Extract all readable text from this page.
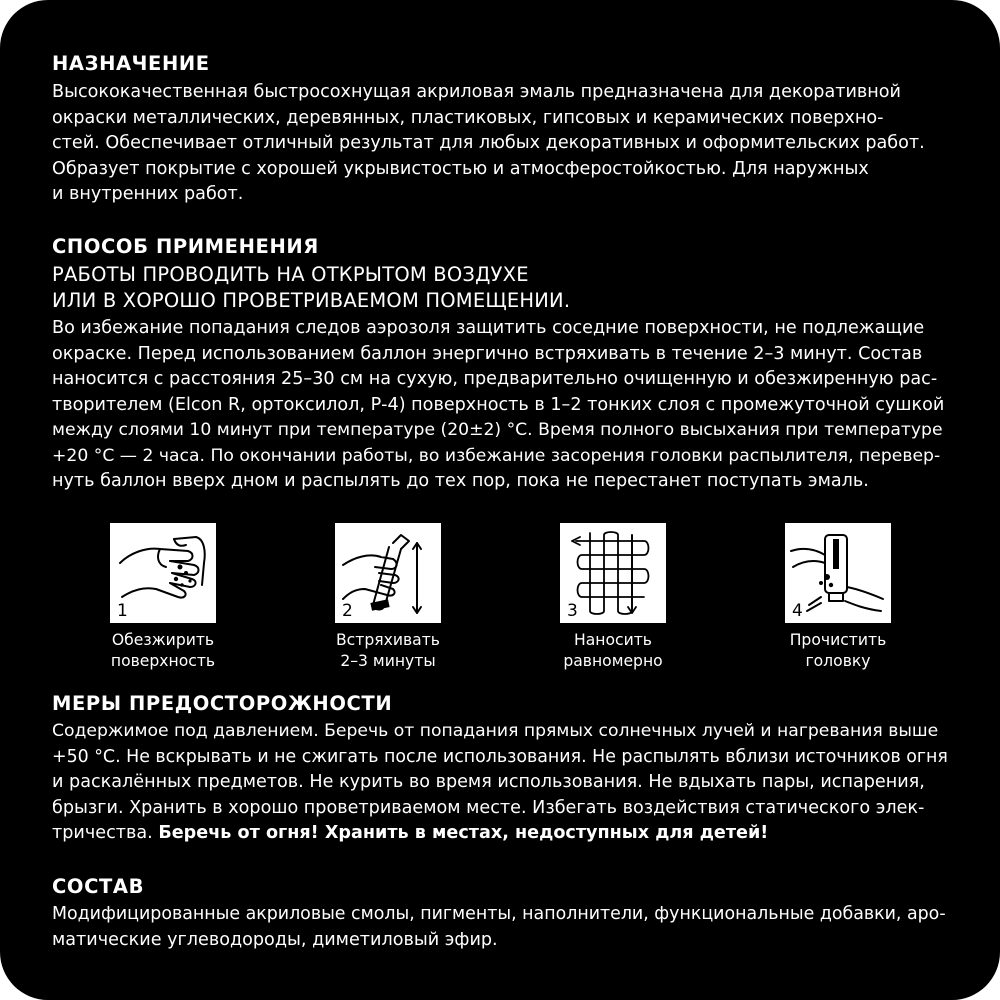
НАЗНАЧЕНИЕ

Высококачественная быстросохнущая акриловая эмаль предназначена для декоративной
окраски металлических, деревянных, пластиковых, гипсовых и керамических поверхно-
стей. Обеспечивает отличный результат для любых декоративных и оформительских работ.
Образует покрытие с хорошей укрывистостью и атмосферостойкостью. Для наружных
и внутренних работ.

СПОСОБ ПРИМЕНЕНИЯ
РАБОТЫ ПРОВОДИТЬ НА ОТКРЫТОМ ВОЗДУХЕ
ИЛИ В ХОРОШО ПРОВЕТРИВАЕМОМ ПОМЕЩЕНИИ.

Во избежание попадания следов аэрозоля защитить соседние поверхности, не подлежащие
окраске. Перед использованием баллон энергично встряхивать в течение 2–3 минут. Состав
наносится с расстояния 25–30 см на сухую, предварительно очищенную и обезжиренную рас-
творителем (Elcon R, ортоксилол, Р-4) поверхность в 1–2 тонких слоя с промежуточной сушкой
между слоями 10 минут при температуре (20±2) °С. Время полного высыхания при температуре
+20 °С — 2 часа. По окончании работы, во избежание засорения головки распылителя, перевер-
нуть баллон вверх дном и распылять до тех пор, пока не перестанет поступать эмаль.

1	2	3	4
Обезжирить
поверхность
Встряхивать
2–3 минуты
Наносить
равномерно
Прочистить
головку
МЕРЫ ПРЕДОСТОРОЖНОСТИ

Содержимое под давлением. Беречь от попадания прямых солнечных лучей и нагревания выше
+50 °С. Не вскрывать и не сжигать после использования. Не распылять вблизи источников огня
и раскалённых предметов. Не курить во время использования. Не вдыхать пары, испарения,
брызги. Хранить в хорошо проветриваемом месте. Избегать воздействия статического элек-
тричества. Беречь от огня! Хранить в местах, недоступных для детей!

СОСТАВ

Модифицированные акриловые смолы, пигменты, наполнители, функциональные добавки, аро-
матические углеводороды, диметиловый эфир.
